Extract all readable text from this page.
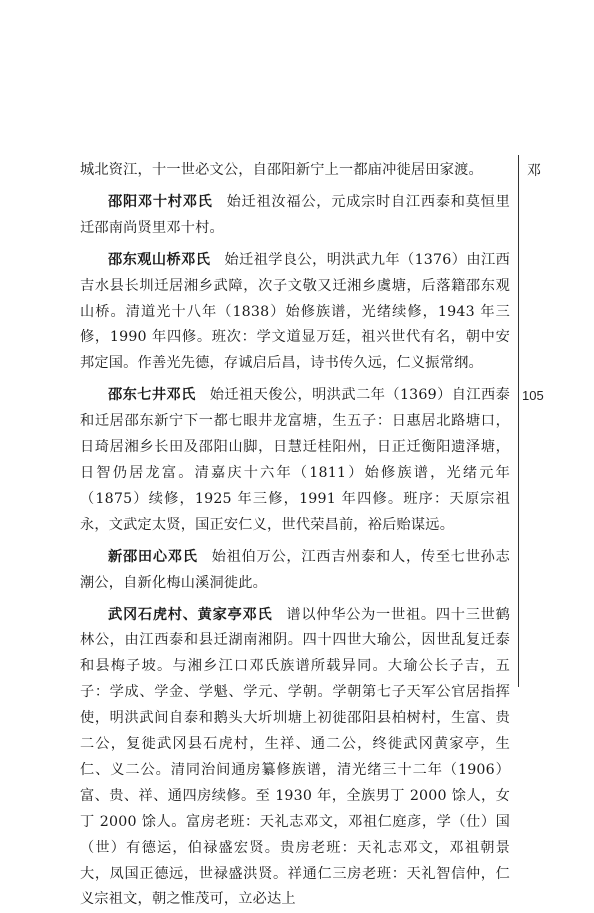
城北资江，十一世必文公，自邵阳新宁上一都庙冲徙居田家渡。

邵阳邓十村邓氏 始迁祖汝福公，元成宗时自江西泰和莫恒里迁邵南尚贤里邓十村。

邵东观山桥邓氏 始迁祖学良公，明洪武九年（1376）由江西吉水县长圳迁居湘乡武障，次子文敬又迁湘乡虞塘，后落籍邵东观山桥。清道光十八年（1838）始修族谱，光绪续修，1943 年三修，1990 年四修。班次：学文道显万廷，祖兴世代有名，朝中安邦定国。作善光先德，存诚启后昌，诗书传久远，仁义振常纲。

邵东七井邓氏 始迁祖天俊公，明洪武二年（1369）自江西泰和迁居邵东新宁下一都七眼井龙富塘，生五子：日惠居北路塘口，日琦居湘乡长田及邵阳山脚，日慧迁桂阳州，日正迁衡阳遗泽塘，日智仍居龙富。清嘉庆十六年（1811）始修族谱，光绪元年（1875）续修，1925 年三修，1991 年四修。班序：天原宗祖永，文武定太贤，国正安仁义，世代荣昌前，裕后贻谋远。

新邵田心邓氏 始祖伯万公，江西吉州泰和人，传至七世孙志潮公，自新化梅山溪洞徙此。

武冈石虎村、黄家亭邓氏 谱以仲华公为一世祖。四十三世鹤林公，由江西泰和县迁湖南湘阴。四十四世大瑜公，因世乱复迁泰和县梅子坡。与湘乡江口邓氏族谱所载异同。大瑜公长子吉，五子：学成、学金、学魁、学元、学朝。学朝第七子天军公官居指挥使，明洪武间自泰和鹅头大圻圳塘上初徙邵阳县柏树村，生富、贵二公，复徙武冈县石虎村，生祥、通二公，终徙武冈黄家亭，生仁、义二公。清同治间通房纂修族谱，清光绪三十二年（1906）富、贵、祥、通四房续修。至 1930 年，全族男丁 2000 馀人，女丁 2000 馀人。富房老班：天礼志邓文，邓祖仁庭彦，学（仕）国（世）有德运，伯禄盛宏贤。贵房老班：天礼志邓文，邓祖朝景大，凤国正德远，世禄盛洪贤。祥通仁三房老班：天礼智信仲，仁义宗祖文，朝之惟茂可，立必达上

邓
105
